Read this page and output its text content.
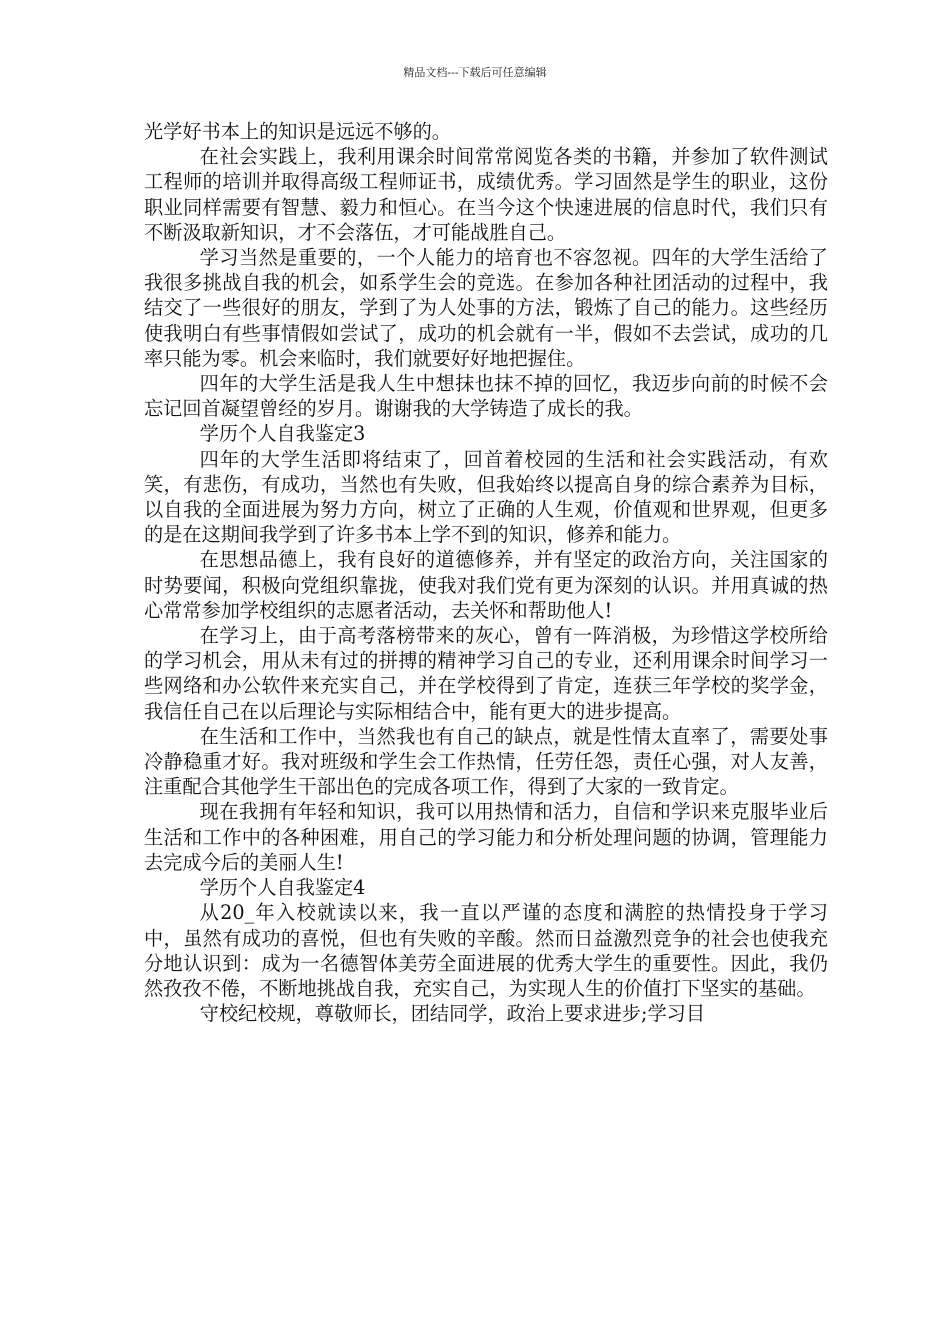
精品文档---下载后可任意编辑

光学好书本上的知识是远远不够的。

在社会实践上，我利用课余时间常常阅览各类的书籍，并参加了软件测试工程师的培训并取得高级工程师证书，成绩优秀。学习固然是学生的职业，这份职业同样需要有智慧、毅力和恒心。在当今这个快速进展的信息时代，我们只有不断汲取新知识，才不会落伍，才可能战胜自己。

学习当然是重要的，一个人能力的培育也不容忽视。四年的大学生活给了我很多挑战自我的机会，如系学生会的竞选。在参加各种社团活动的过程中，我结交了一些很好的朋友，学到了为人处事的方法，锻炼了自己的能力。这些经历使我明白有些事情假如尝试了，成功的机会就有一半，假如不去尝试，成功的几率只能为零。机会来临时，我们就要好好地把握住。

四年的大学生活是我人生中想抹也抹不掉的回忆，我迈步向前的时候不会忘记回首凝望曾经的岁月。谢谢我的大学铸造了成长的我。

学历个人自我鉴定3

四年的大学生活即将结束了，回首着校园的生活和社会实践活动，有欢笑，有悲伤，有成功，当然也有失败，但我始终以提高自身的综合素养为目标，以自我的全面进展为努力方向，树立了正确的人生观，价值观和世界观，但更多的是在这期间我学到了许多书本上学不到的知识，修养和能力。

在思想品德上，我有良好的道德修养，并有坚定的政治方向，关注国家的时势要闻，积极向党组织靠拢，使我对我们党有更为深刻的认识。并用真诚的热心常常参加学校组织的志愿者活动，去关怀和帮助他人!

在学习上，由于高考落榜带来的灰心，曾有一阵消极，为珍惜这学校所给的学习机会，用从未有过的拼搏的精神学习自己的专业，还利用课余时间学习一些网络和办公软件来充实自己，并在学校得到了肯定，连获三年学校的奖学金，我信任自己在以后理论与实际相结合中，能有更大的进步提高。

在生活和工作中，当然我也有自己的缺点，就是性情太直率了，需要处事冷静稳重才好。我对班级和学生会工作热情，任劳任怨，责任心强，对人友善，注重配合其他学生干部出色的完成各项工作，得到了大家的一致肯定。

现在我拥有年轻和知识，我可以用热情和活力，自信和学识来克服毕业后生活和工作中的各种困难，用自己的学习能力和分析处理问题的协调，管理能力去完成今后的美丽人生!

学历个人自我鉴定4

从20_年入校就读以来，我一直以严谨的态度和满腔的热情投身于学习中，虽然有成功的喜悦，但也有失败的辛酸。然而日益激烈竞争的社会也使我充分地认识到：成为一名德智体美劳全面进展的优秀大学生的重要性。因此，我仍然孜孜不倦，不断地挑战自我，充实自己，为实现人生的价值打下坚实的基础。

守校纪校规，尊敬师长，团结同学，政治上要求进步;学习目
